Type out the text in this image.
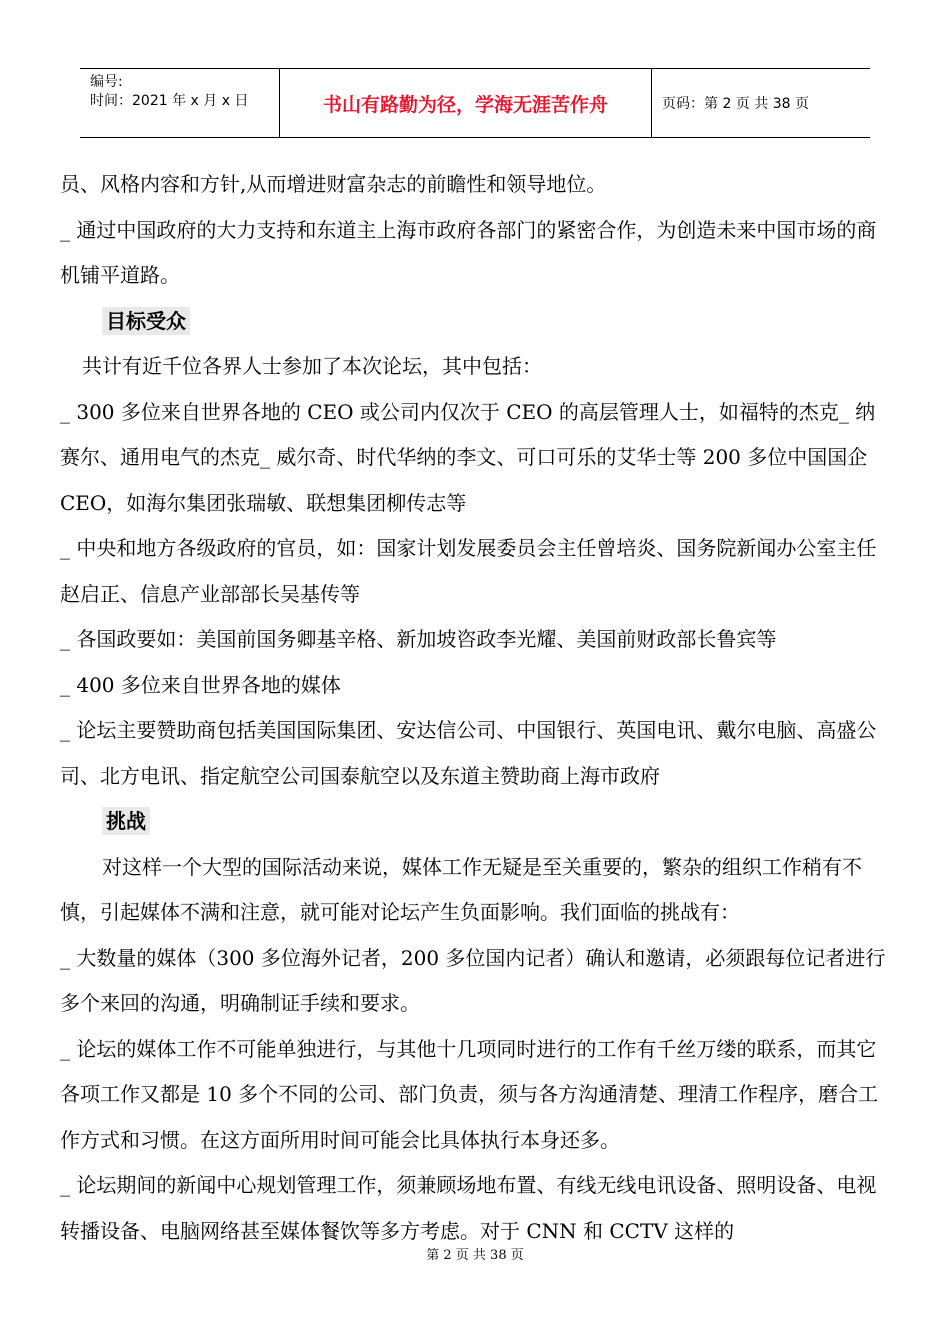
编号:
时间：2021 年 x 月 x 日	书山有路勤为径，学海无涯苦作舟	页码：第 2 页 共 38 页

员、风格内容和方针,从而增进财富杂志的前瞻性和领导地位。

_ 通过中国政府的大力支持和东道主上海市政府各部门的紧密合作，为创造未来中国市场的商机铺平道路。

目标受众

共计有近千位各界人士参加了本次论坛，其中包括：

_ 300 多位来自世界各地的 CEO 或公司内仅次于 CEO 的高层管理人士，如福特的杰克_ 纳赛尔、通用电气的杰克_ 威尔奇、时代华纳的李文、可口可乐的艾华士等 200 多位中国国企 CEO，如海尔集团张瑞敏、联想集团柳传志等

_ 中央和地方各级政府的官员，如：国家计划发展委员会主任曾培炎、国务院新闻办公室主任赵启正、信息产业部部长吴基传等

_ 各国政要如：美国前国务卿基辛格、新加坡咨政李光耀、美国前财政部长鲁宾等

_ 400 多位来自世界各地的媒体

_ 论坛主要赞助商包括美国国际集团、安达信公司、中国银行、英国电讯、戴尔电脑、高盛公司、北方电讯、指定航空公司国泰航空以及东道主赞助商上海市政府

挑战

对这样一个大型的国际活动来说，媒体工作无疑是至关重要的，繁杂的组织工作稍有不慎，引起媒体不满和注意，就可能对论坛产生负面影响。我们面临的挑战有：

_ 大数量的媒体（300 多位海外记者，200 多位国内记者）确认和邀请，必须跟每位记者进行多个来回的沟通，明确制证手续和要求。

_ 论坛的媒体工作不可能单独进行，与其他十几项同时进行的工作有千丝万缕的联系，而其它各项工作又都是 10 多个不同的公司、部门负责，须与各方沟通清楚、理清工作程序，磨合工作方式和习惯。在这方面所用时间可能会比具体执行本身还多。

_ 论坛期间的新闻中心规划管理工作，须兼顾场地布置、有线无线电讯设备、照明设备、电视转播设备、电脑网络甚至媒体餐饮等多方考虑。对于 CNN 和 CCTV 这样的

第 2 页 共 38 页
